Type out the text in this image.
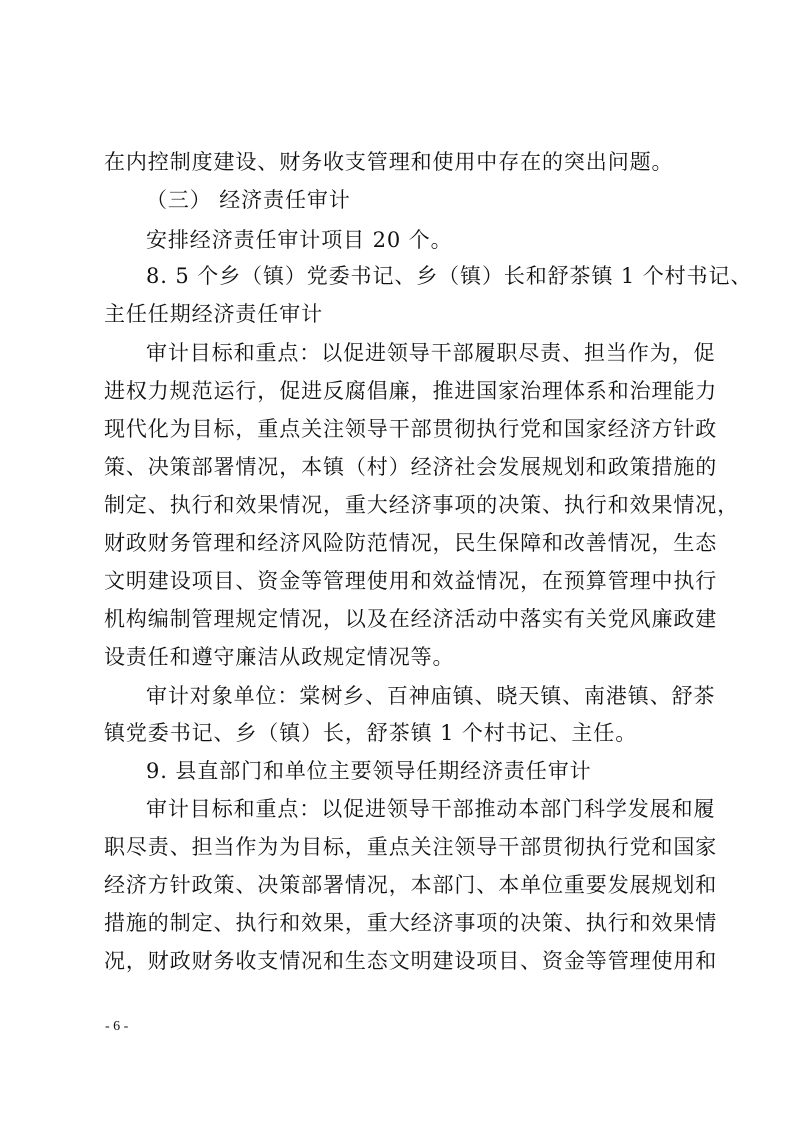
在内控制度建设、财务收支管理和使用中存在的突出问题。
（三） 经济责任审计
安排经济责任审计项目 20 个。
8. 5 个乡（镇）党委书记、乡（镇）长和舒茶镇 1 个村书记、
主任任期经济责任审计
审计目标和重点：以促进领导干部履职尽责、担当作为，促
进权力规范运行，促进反腐倡廉，推进国家治理体系和治理能力
现代化为目标，重点关注领导干部贯彻执行党和国家经济方针政
策、决策部署情况，本镇（村）经济社会发展规划和政策措施的
制定、执行和效果情况，重大经济事项的决策、执行和效果情况，
财政财务管理和经济风险防范情况，民生保障和改善情况，生态
文明建设项目、资金等管理使用和效益情况，在预算管理中执行
机构编制管理规定情况，以及在经济活动中落实有关党风廉政建
设责任和遵守廉洁从政规定情况等。
审计对象单位：棠树乡、百神庙镇、晓天镇、南港镇、舒茶
镇党委书记、乡（镇）长，舒茶镇 1 个村书记、主任。
9. 县直部门和单位主要领导任期经济责任审计
审计目标和重点：以促进领导干部推动本部门科学发展和履
职尽责、担当作为为目标，重点关注领导干部贯彻执行党和国家
经济方针政策、决策部署情况，本部门、本单位重要发展规划和
措施的制定、执行和效果，重大经济事项的决策、执行和效果情
况，财政财务收支情况和生态文明建设项目、资金等管理使用和
- 6 -
